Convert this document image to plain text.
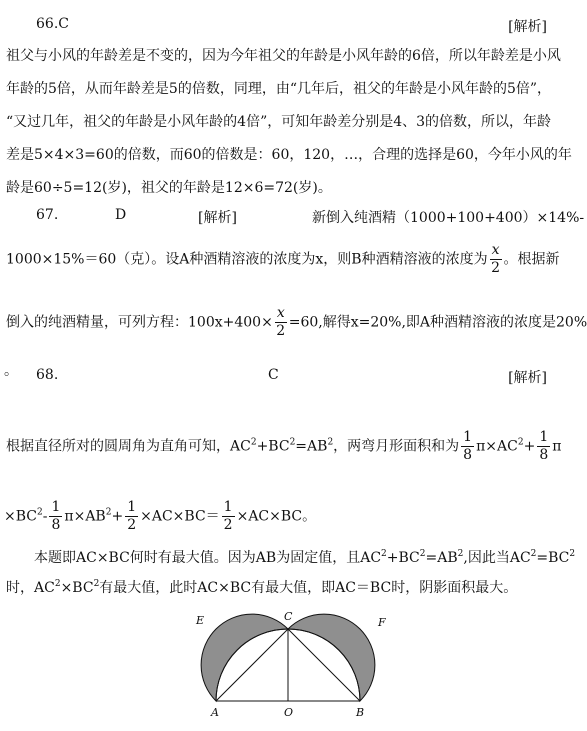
66.C	[解析]
祖父与小风的年龄差是不变的，因为今年祖父的年龄是小风年龄的6倍，所以年龄差是小风
年龄的5倍，从而年龄差是5的倍数，同理，由“几年后，祖父的年龄是小风年龄的5倍”，
“又过几年，祖父的年龄是小风年龄的4倍”，可知年龄差分别是4、3的倍数，所以，年龄
差是5×4×3=60的倍数，而60的倍数是：60，120，…，合理的选择是60，今年小风的年
龄是60÷5=12(岁)，祖父的年龄是12×6=72(岁)。
67.	D	[解析]	新倒入纯酒精（1000+100+400）×14%-
1000×15%＝60（克）。设A种酒精溶液的浓度为x，则B种酒精溶液的浓度为 $\frac{x}{2}$ 。根据新
倒入的纯酒精量，可列方程：$100x+400\times \frac{x}{2} =60$,解得x=20%,即A种酒精溶液的浓度是20%
。 68.	C	[解析]
根据直径所对的圆周角为直角可知，$AC^2+BC^2=AB^2$，两弯月形面积和为 $\frac{1}{8} \pi\times AC^2+ \frac{1}{8}$ π
$\times BC^2- \frac{1}{8} \pi\times AB^2+ \frac{1}{2} \times AC\times BC= \frac{1}{2} \times AC\times BC$。
本题即AC×BC何时有最大值。因为AB为固定值，且$AC^2+BC^2=AB^2$,因此当$AC^2=BC^2$
时，$AC^2\times BC^2$有最大值，此时AC×BC有最大值，即AC＝BC时，阴影面积最大。
E	C	F
A	O	B
